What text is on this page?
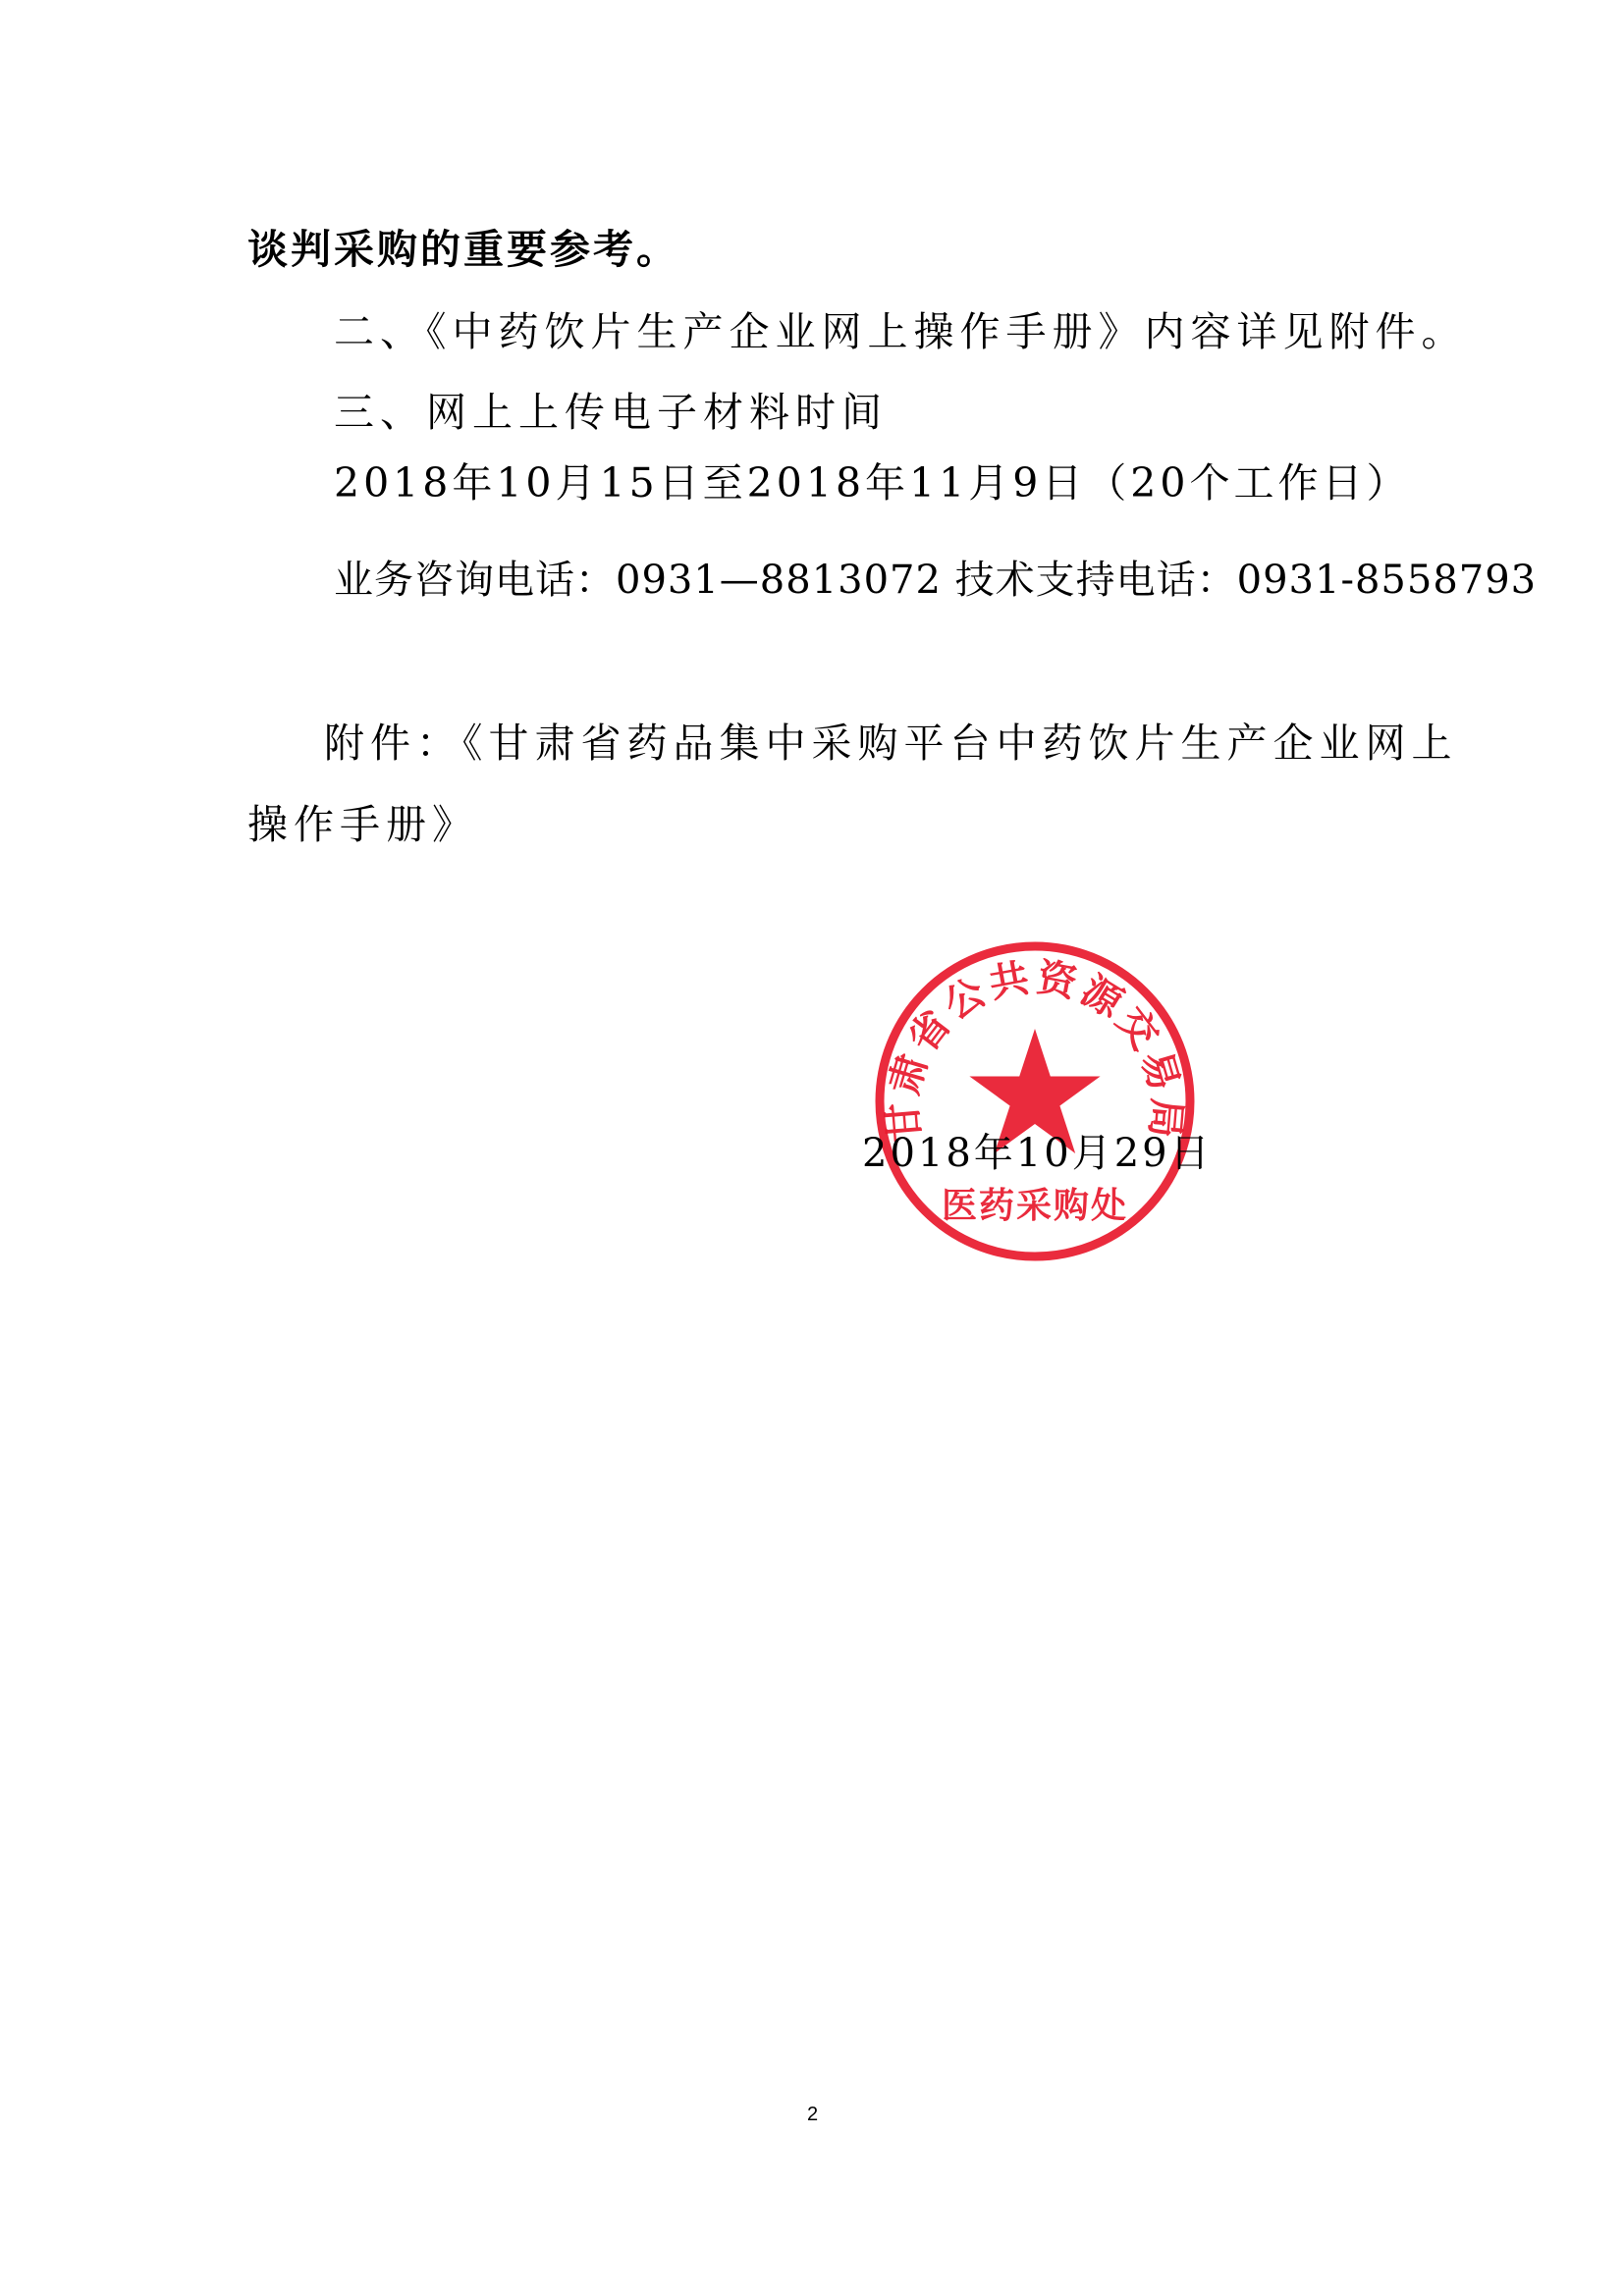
谈判采购的重要参考。
二、《中药饮片生产企业网上操作手册》内容详见附件。
三、网上上传电子材料时间
2018年10月15日至2018年11月9日（20个工作日）
业务咨询电话：0931—8813072 技术支持电话：0931-8558793
附件：《甘肃省药品集中采购平台中药饮片生产企业网上
操作手册》
2018年10月29日
甘肃省公共资源交易局
医药采购处
2
